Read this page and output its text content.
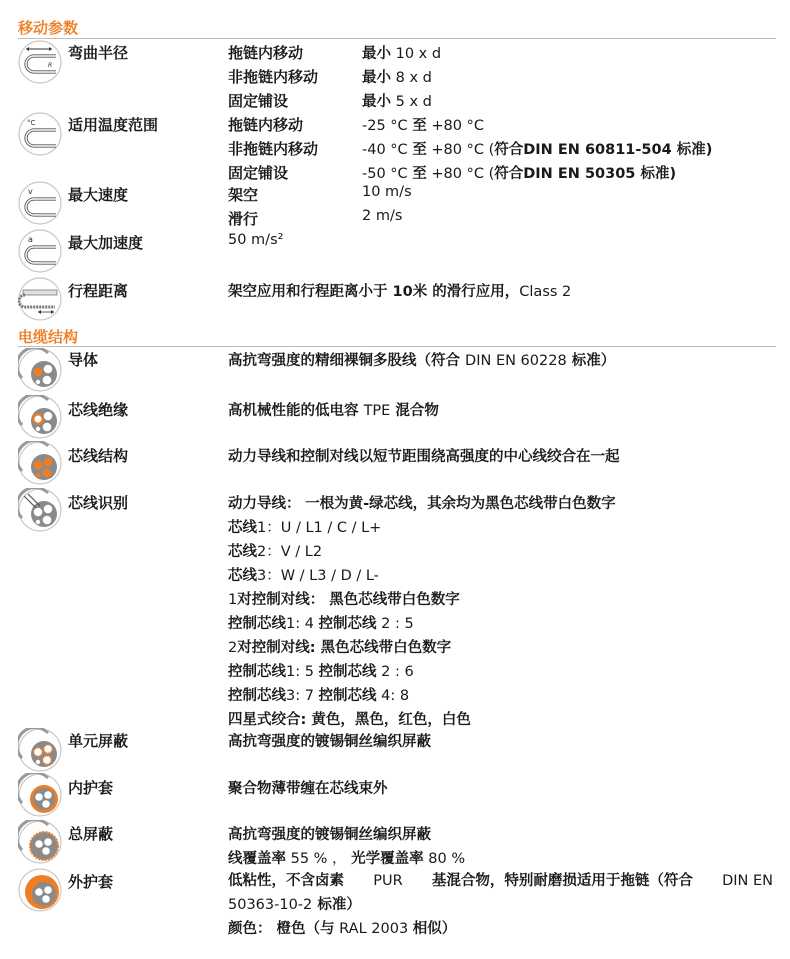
移动参数
R
弯曲半径	拖链内移动	最小 10 x d
非拖链内移动	最小 8 x d
固定铺设	最小 5 x d
°C 适用温度范围	拖链内移动	-25 °C 至 +80 °C
非拖链内移动	-40 °C 至 +80 °C (符合DIN EN 60811-504 标准)
固定铺设	-50 °C 至 +80 °C (符合DIN EN 50305 标准)
v 最大速度	架空	10 m/s
滑行	2 m/s
a 最大加速度	50 m/s²
行程距离	架空应用和行程距离小于 10米 的滑行应用，Class 2
电缆结构
导体	高抗弯强度的精细裸铜多股线（符合 DIN EN 60228 标准）
芯线绝缘	高机械性能的低电容 TPE 混合物
芯线结构	动力导线和控制对线以短节距围绕高强度的中心线绞合在一起
芯线识别	动力导线： 一根为黄-绿芯线，其余均为黑色芯线带白色数字
芯线1：U / L1 / C / L+
芯线2：V / L2
芯线3：W / L3 / D / L-
1对控制对线： 黑色芯线带白色数字
控制芯线1: 4 控制芯线 2 : 5
2对控制对线: 黑色芯线带白色数字
控制芯线1: 5 控制芯线 2 : 6
控制芯线3: 7 控制芯线 4: 8
四星式绞合: 黄色，黑色，红色，白色
单元屏蔽	高抗弯强度的镀锡铜丝编织屏蔽
内护套	聚合物薄带缠在芯线束外
总屏蔽	高抗弯强度的镀锡铜丝编织屏蔽
线覆盖率 55 % ， 光学覆盖率 80 %
外护套	低粘性，不含卤素 PUR 基混合物，特别耐磨损适用于拖链（符合 DIN EN
50363-10-2 标准）
颜色： 橙色（与 RAL 2003 相似）
